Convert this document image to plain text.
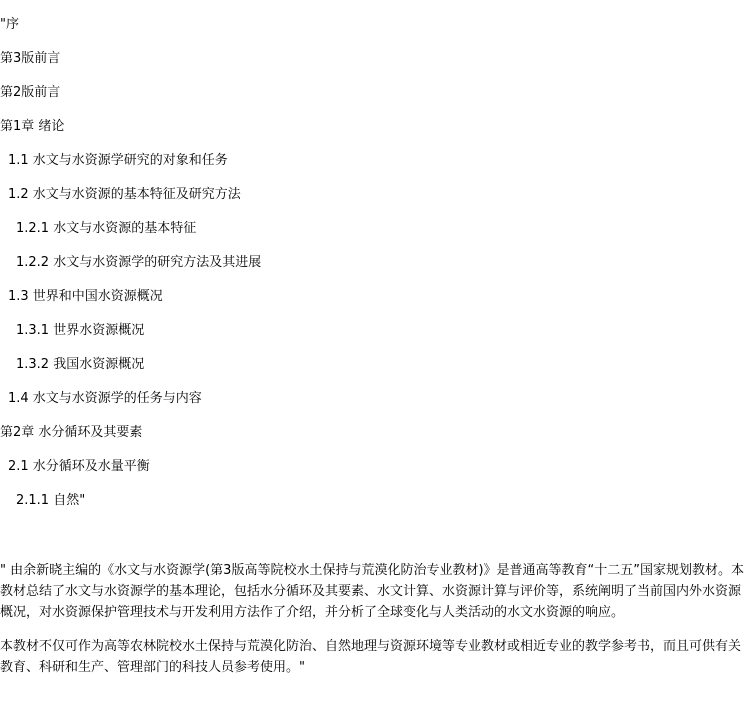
"序
第3版前言
第2版前言
第1章 绪论
1.1 水文与水资源学研究的对象和任务
1.2 水文与水资源的基本特征及研究方法
1.2.1 水文与水资源的基本特征
1.2.2 水文与水资源学的研究方法及其进展
1.3 世界和中国水资源概况
1.3.1 世界水资源概况
1.3.2 我国水资源概况
1.4 水文与水资源学的任务与内容
第2章 水分循环及其要素
2.1 水分循环及水量平衡
2.1.1 自然"

" 由余新晓主编的《水文与水资源学(第3版高等院校水土保持与荒漠化防治专业教材)》是普通高等教育“十二五”国家规划教材。本教材总结了水文与水资源学的基本理论，包括水分循环及其要素、水文计算、水资源计算与评价等，系统阐明了当前国内外水资源概况，对水资源保护管理技术与开发利用方法作了介绍，并分析了全球变化与人类活动的水文水资源的响应。

本教材不仅可作为高等农林院校水土保持与荒漠化防治、自然地理与资源环境等专业教材或相近专业的教学参考书，而且可供有关教育、科研和生产、管理部门的科技人员参考使用。"
